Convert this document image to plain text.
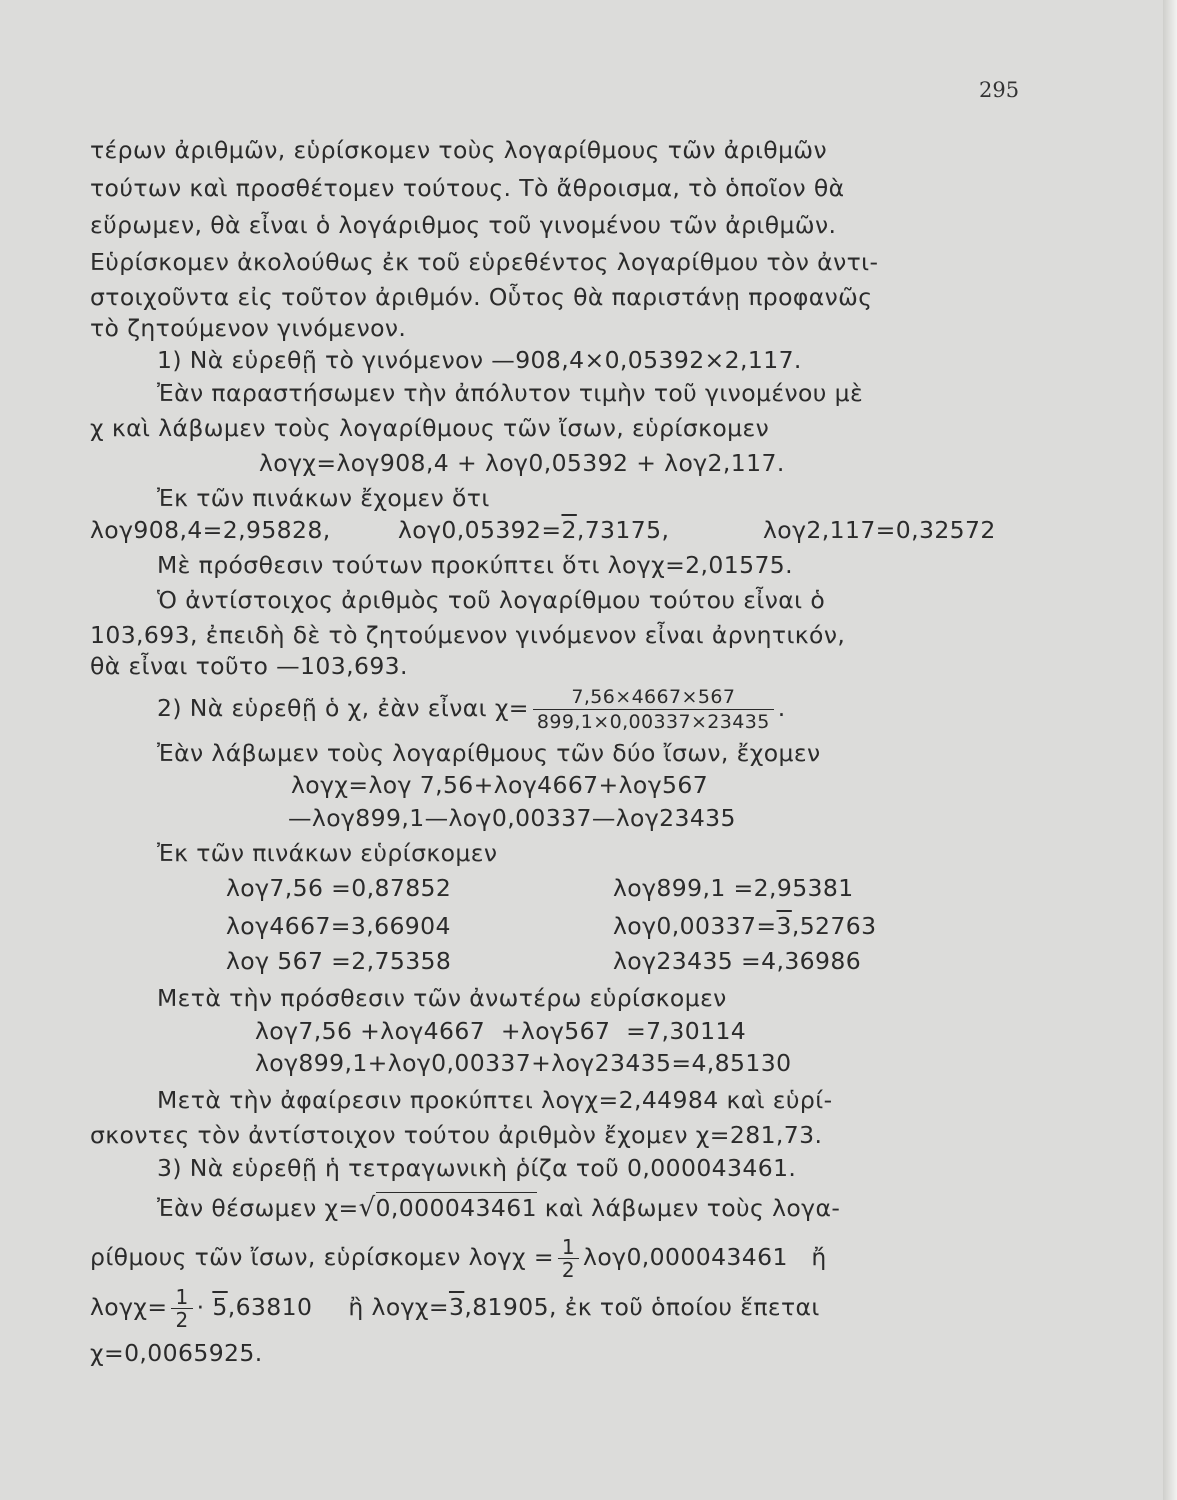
295
τέρων ἀριθμῶν, εὑρίσκομεν τοὺς λογαρίθμους τῶν ἀριθμῶν
τούτων καὶ προσθέτομεν τούτους. Τὸ ἄθροισμα, τὸ ὁποῖον θὰ
εὕρωμεν, θὰ εἶναι ὁ λογάριθμος τοῦ γινομένου τῶν ἀριθμῶν.
Εὑρίσκομεν ἀκολούθως ἐκ τοῦ εὑρεθέντος λογαρίθμου τὸν ἀντι-
στοιχοῦντα εἰς τοῦτον ἀριθμόν. Οὗτος θὰ παριστάνῃ προφανῶς
τὸ ζητούμενον γινόμενον.
1) Νὰ εὑρεθῇ τὸ γινόμενον —908,4×0,05392×2,117.
Ἐὰν παραστήσωμεν τὴν ἀπόλυτον τιμὴν τοῦ γινομένου μὲ
χ καὶ λάβωμεν τοὺς λογαρίθμους τῶν ἴσων, εὑρίσκομεν
λογχ=λογ908,4 + λογ0,05392 + λογ2,117.
Ἐκ τῶν πινάκων ἔχομεν ὅτι
λογ908,4=2,95828,	λογ0,05392=2,73175,	λογ2,117=0,32572
Μὲ πρόσθεσιν τούτων προκύπτει ὅτι λογχ=2,01575.
Ὁ ἀντίστοιχος ἀριθμὸς τοῦ λογαρίθμου τούτου εἶναι ὁ
103,693, ἐπειδὴ δὲ τὸ ζητούμενον γινόμενον εἶναι ἀρνητικόν,
θὰ εἶναι τοῦτο —103,693.
2) Νὰ εὑρεθῇ ὁ χ, ἐὰν εἶναι $\chi= \frac{7,56\times 4667\times 567}{899,1\times 0,00337\times 23435}$ .
Ἐὰν λάβωμεν τοὺς λογαρίθμους τῶν δύο ἴσων, ἔχομεν
λογχ=λογ 7,56+λογ4667+λογ567
—λογ899,1—λογ0,00337—λογ23435
Ἐκ τῶν πινάκων εὑρίσκομεν
λογ7,56 =0,87852
λογ4667=3,66904
λογ 567 =2,75358
λογ899,1 =2,95381
λογ0,00337=3,52763
λογ23435 =4,36986
Μετὰ τὴν πρόσθεσιν τῶν ἀνωτέρω εὑρίσκομεν
λογ7,56 +λογ4667  +λογ567  =7,30114
λογ899,1+λογ0,00337+λογ23435=4,85130
Μετὰ τὴν ἀφαίρεσιν προκύπτει λογχ=2,44984 καὶ εὑρί-
σκοντες τὸν ἀντίστοιχον τούτου ἀριθμὸν ἔχομεν χ=281,73.
3) Νὰ εὑρεθῇ ἡ τετραγωνικὴ ῥίζα τοῦ 0,000043461.
Ἐὰν θέσωμεν χ=√0,000043461 καὶ λάβωμεν τοὺς λογα-
ρίθμους τῶν ἴσων, εὑρίσκομεν $\lambda o\gamma\chi = \frac{1}{2} \lambda o\gamma 0,000043461$   ἤ
$\lambda o\gamma\chi= \frac{1}{2} \cdot 5,63810$ ἢ λογχ=3,81905, ἐκ τοῦ ὁποίου ἕπεται
χ=0,0065925.
